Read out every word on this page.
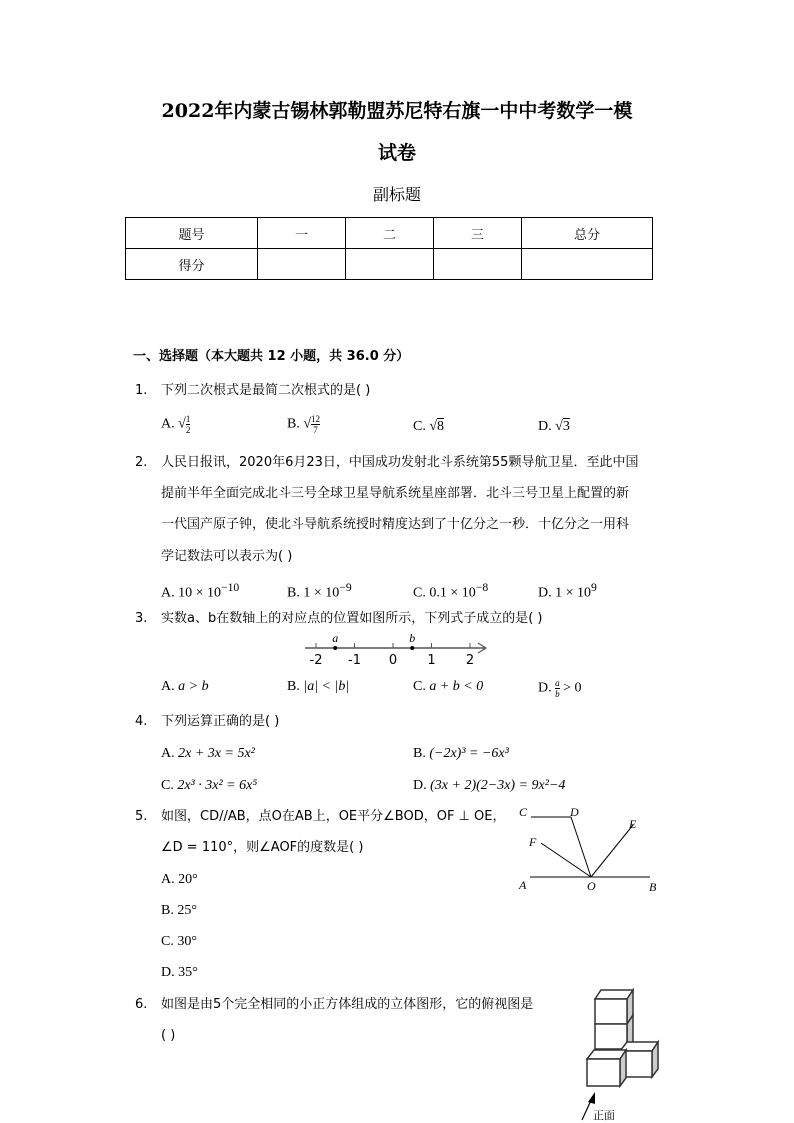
2022年内蒙古锡林郭勒盟苏尼特右旗一中中考数学一模
试卷
副标题
题号	一	二	三	总分
得分				
一、选择题（本大题共 12 小题，共 36.0 分）
1. 下列二次根式是最简二次根式的是( )
A. √ $\frac{1}{2}$	B. √ $\frac{12}{7}$	C. √8	D. √3
2. 人民日报讯，2020年6月23日，中国成功发射北斗系统第55颗导航卫星．至此中国
提前半年全面完成北斗三号全球卫星导航系统星座部署．北斗三号卫星上配置的新
一代国产原子钟，使北斗导航系统授时精度达到了十亿分之一秒．十亿分之一用科
学记数法可以表示为( )
A. $10 \times 10^{-10}$	B. $1 \times 10^{-9}$	C. $0.1 \times 10^{-8}$	D. $1 \times 10^9$
3. 实数a、b在数轴上的对应点的位置如图所示，下列式子成立的是( )
-2 -1 0 1 2
a	b
A. a > b	B. |a| < |b|	C. a + b < 0	D. $\frac{a}{b} > 0$
4. 下列运算正确的是( )
A. 2x + 3x = 5x²	B. (−2x)³ = −6x³
C. 2x³ · 3x² = 6x⁵	D. (3x + 2)(2−3x) = 9x²−4
5. 如图，CD//AB，点O在AB上，OE平分∠BOD，OF ⊥ OE，
∠D = 110°，则∠AOF的度数是( )
A. 20°
B. 25°
C. 30°
D. 35°
C	D
E
F
A	O	B
6. 如图是由5个完全相同的小正方体组成的立体图形，它的俯视图是
( )
正面
